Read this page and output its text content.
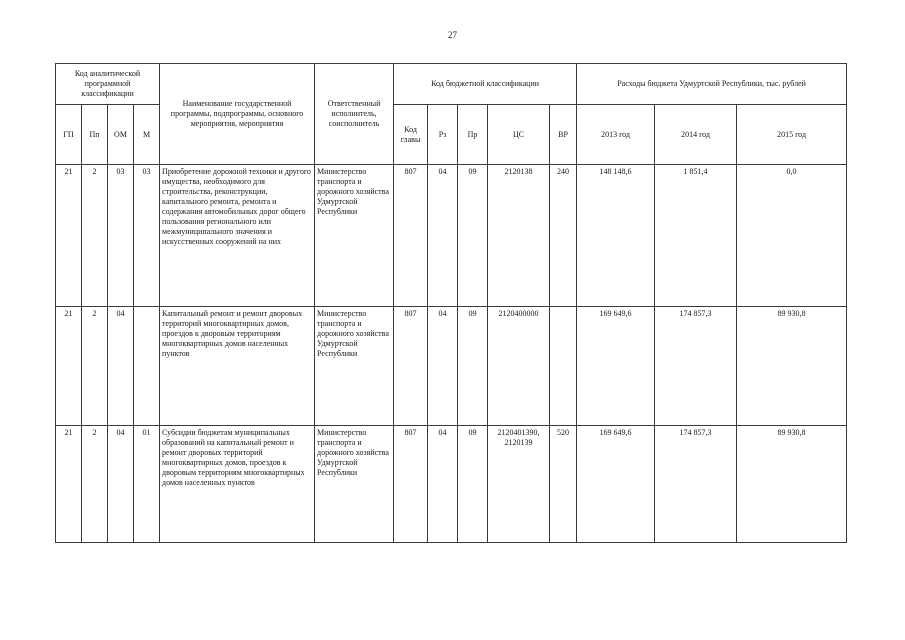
27
Код аналитической программной классификации				Наименование государственной программы, подпрограммы, основного мероприятия, мероприятия	Ответственный исполнитель, соисполнитель	Код бюджетной классификации					Расходы бюджета Удмуртской Республики, тыс. рублей		
ГП	Пп	ОМ	М			Код главы	Рз	Пр	ЦС	ВР	2013 год	2014 год	2015 год
21	2	03	03	Приобретение дорожной техники и другого имущества, необходимого для строительства, реконструкции, капитального ремонта, ремонта и содержания автомобильных дорог общего пользования регионального или межмуниципального значения и искусственных сооружений на них	Министерство транспорта и дорожного хозяйства Удмуртской Республики	807	04	09	2120138	240	148 148,6	1 851,4	0,0
21	2	04		Капитальный ремонт и ремонт дворовых территорий многоквартирных домов, проездов к дворовым территориям многоквартирных домов населенных пунктов	Министерство транспорта и дорожного хозяйства Удмуртской Республики	807	04	09	2120400000		169 649,6	174 857,3	89 930,8
21	2	04	01	Субсидии бюджетам муниципальных образований на капитальный ремонт и ремонт дворовых территорий многоквартирных домов, проездов к дворовым территориям многоквартирных домов населенных пунктов	Министерство транспорта и дорожного хозяйства Удмуртской Республики	807	04	09	2120401390, 2120139	520	169 649,6	174 857,3	89 930,8
